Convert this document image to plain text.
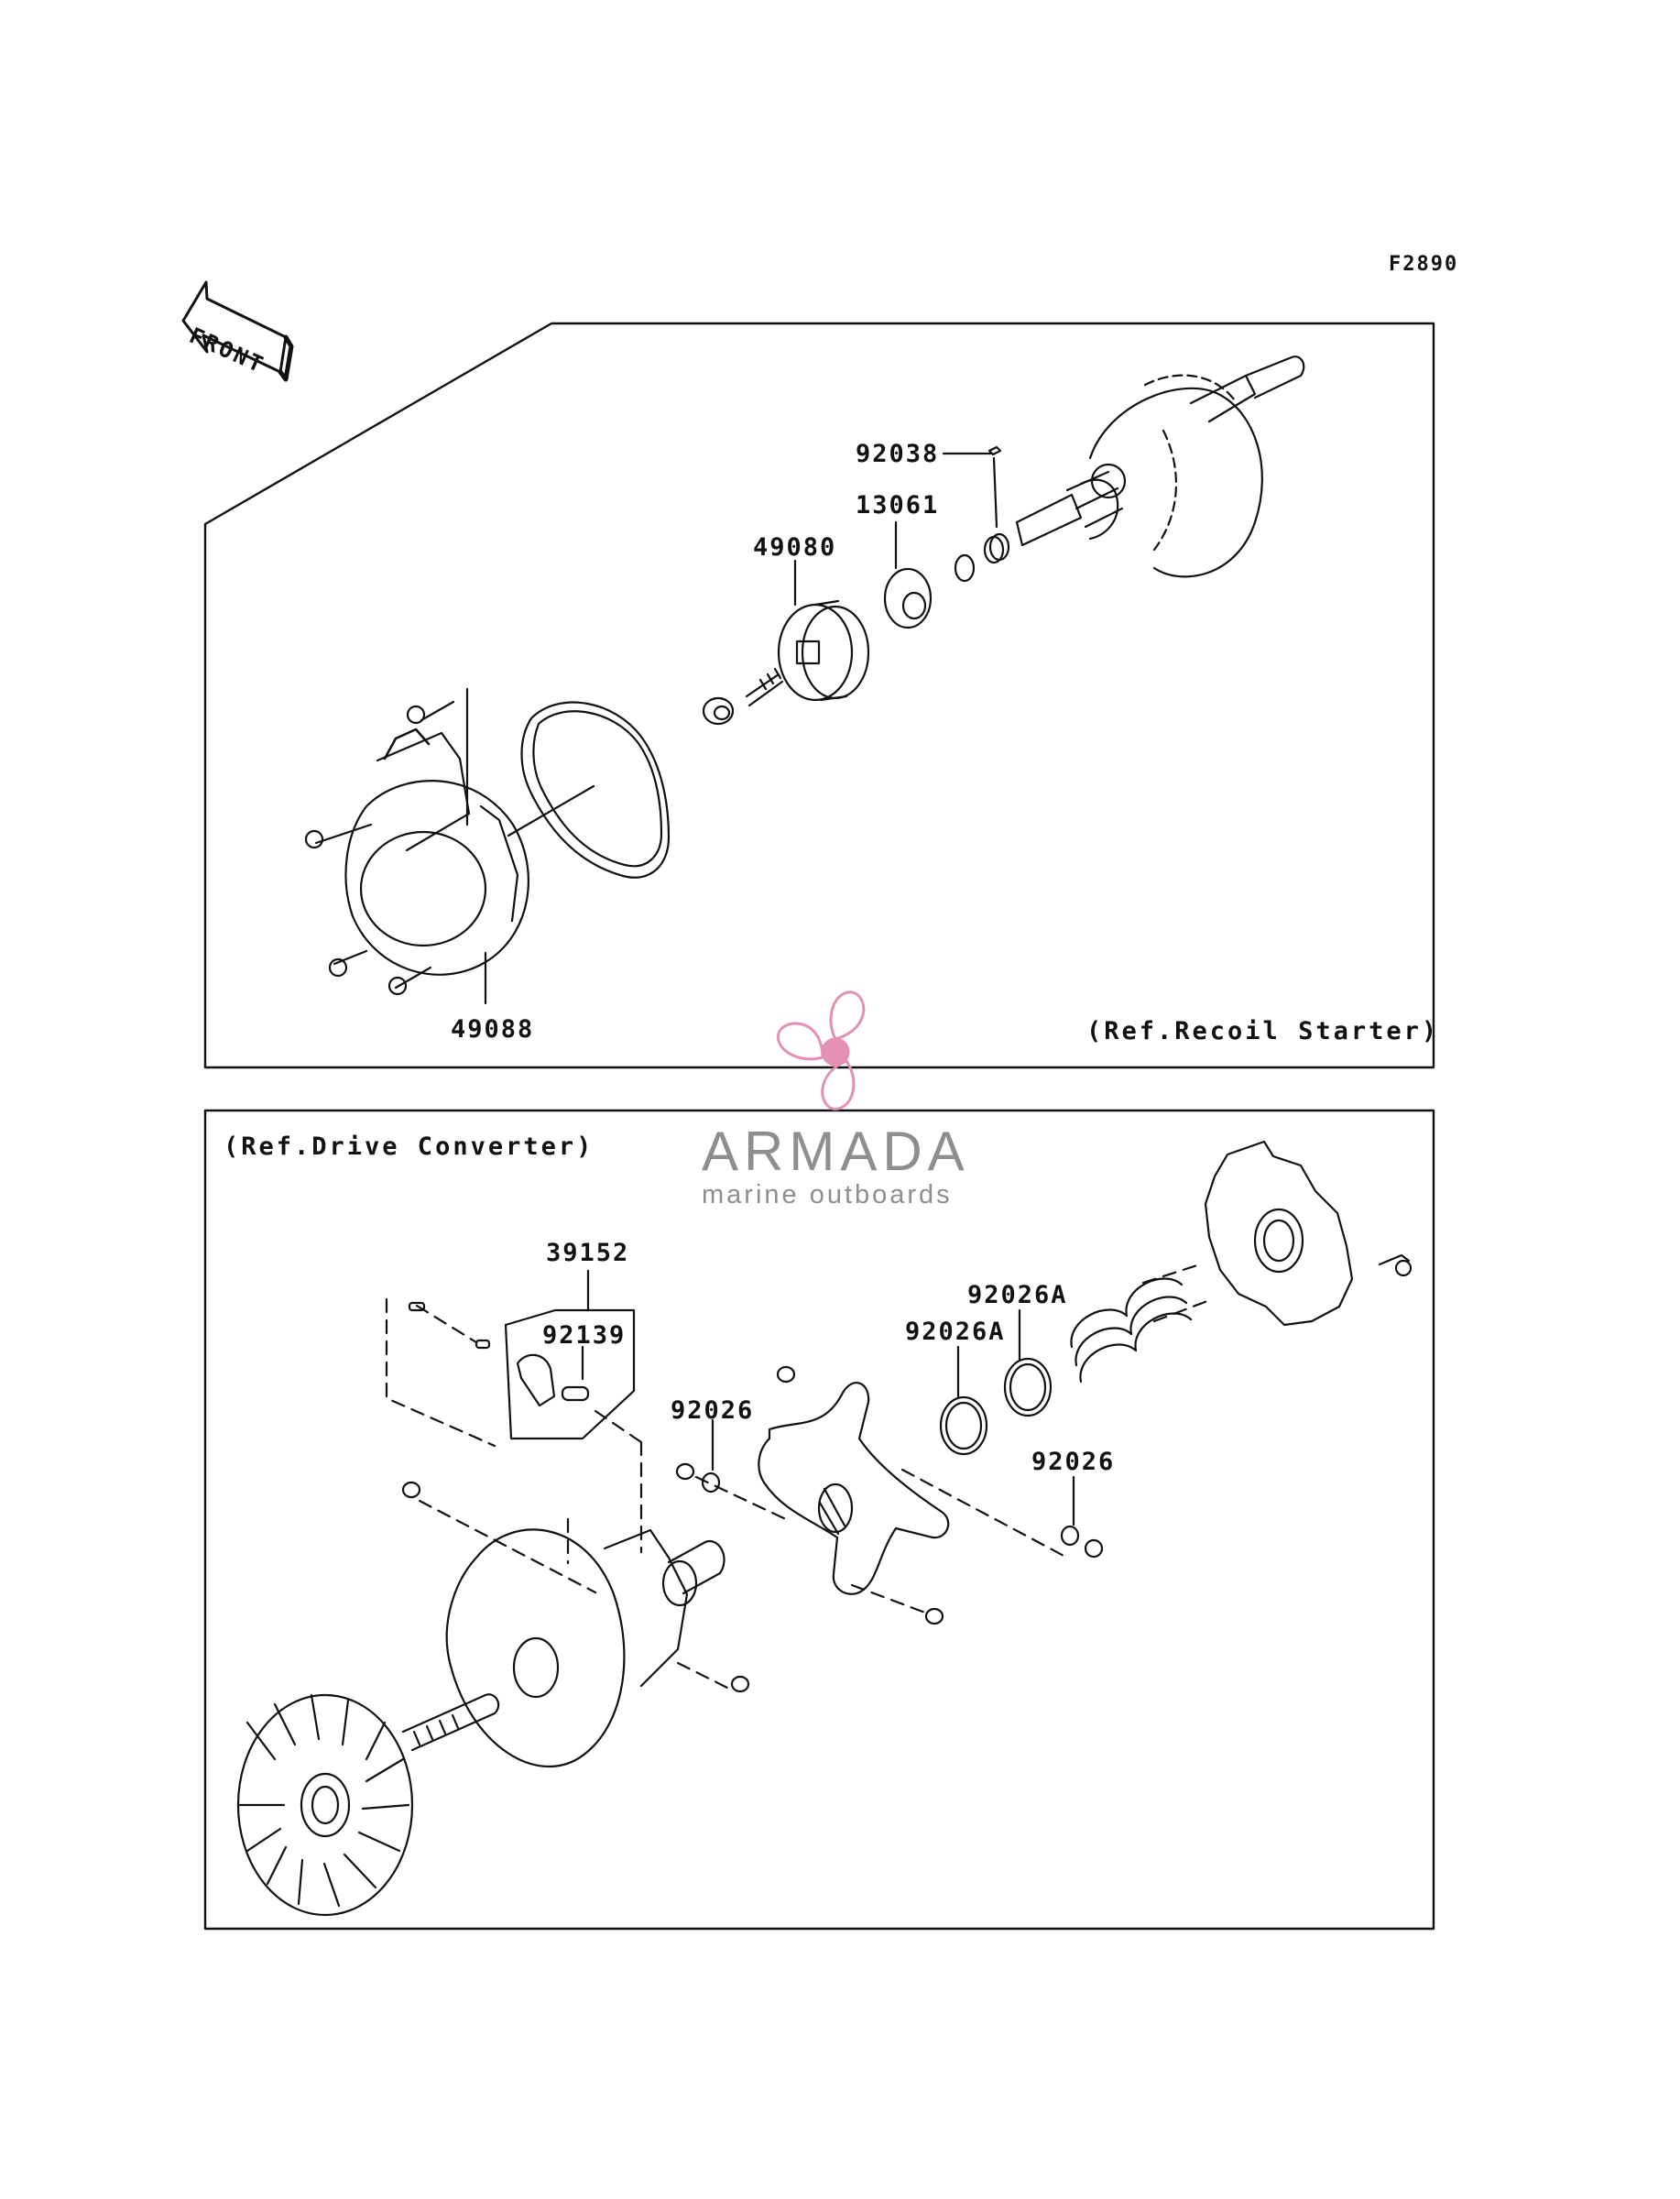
F2890
92038
13061
49080
49088	(Ref.Recoil Starter)
(Ref.Drive Converter)
39152
92139
92026
92026A
92026A
92026
FRONT
ARMADA
marine outboards
